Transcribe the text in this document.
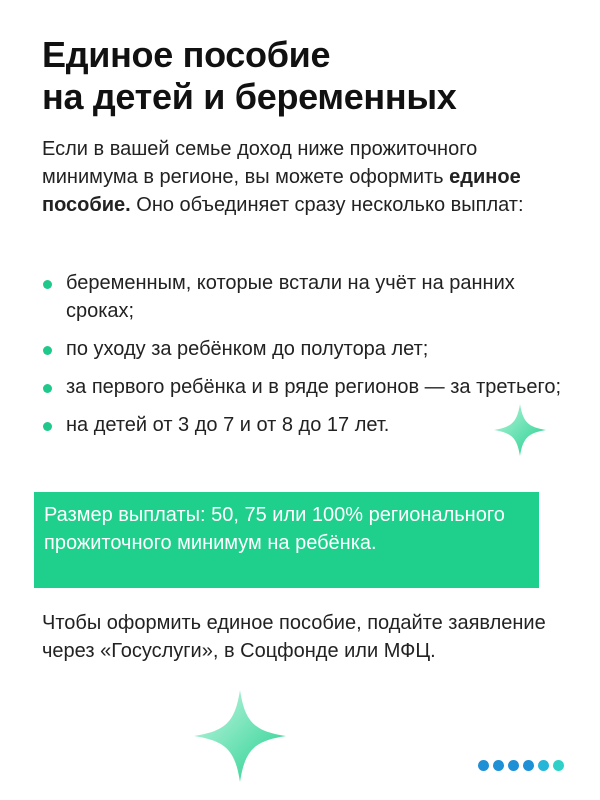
Единое пособие
на детей и беременных
Если в вашей семье доход ниже прожиточного минимума в регионе, вы можете оформить единое пособие. Оно объединяет сразу несколько выплат:
беременным, которые встали на учёт на ранних сроках;
по уходу за ребёнком до полутора лет;
за первого ребёнка и в ряде регионов — за третьего;
на детей от 3 до 7 и от 8 до 17 лет.
Размер выплаты: 50, 75 или 100% регионального прожиточного минимум на ребёнка.
Чтобы оформить единое пособие, подайте заявление через «Госуслуги», в Соцфонде или МФЦ.
